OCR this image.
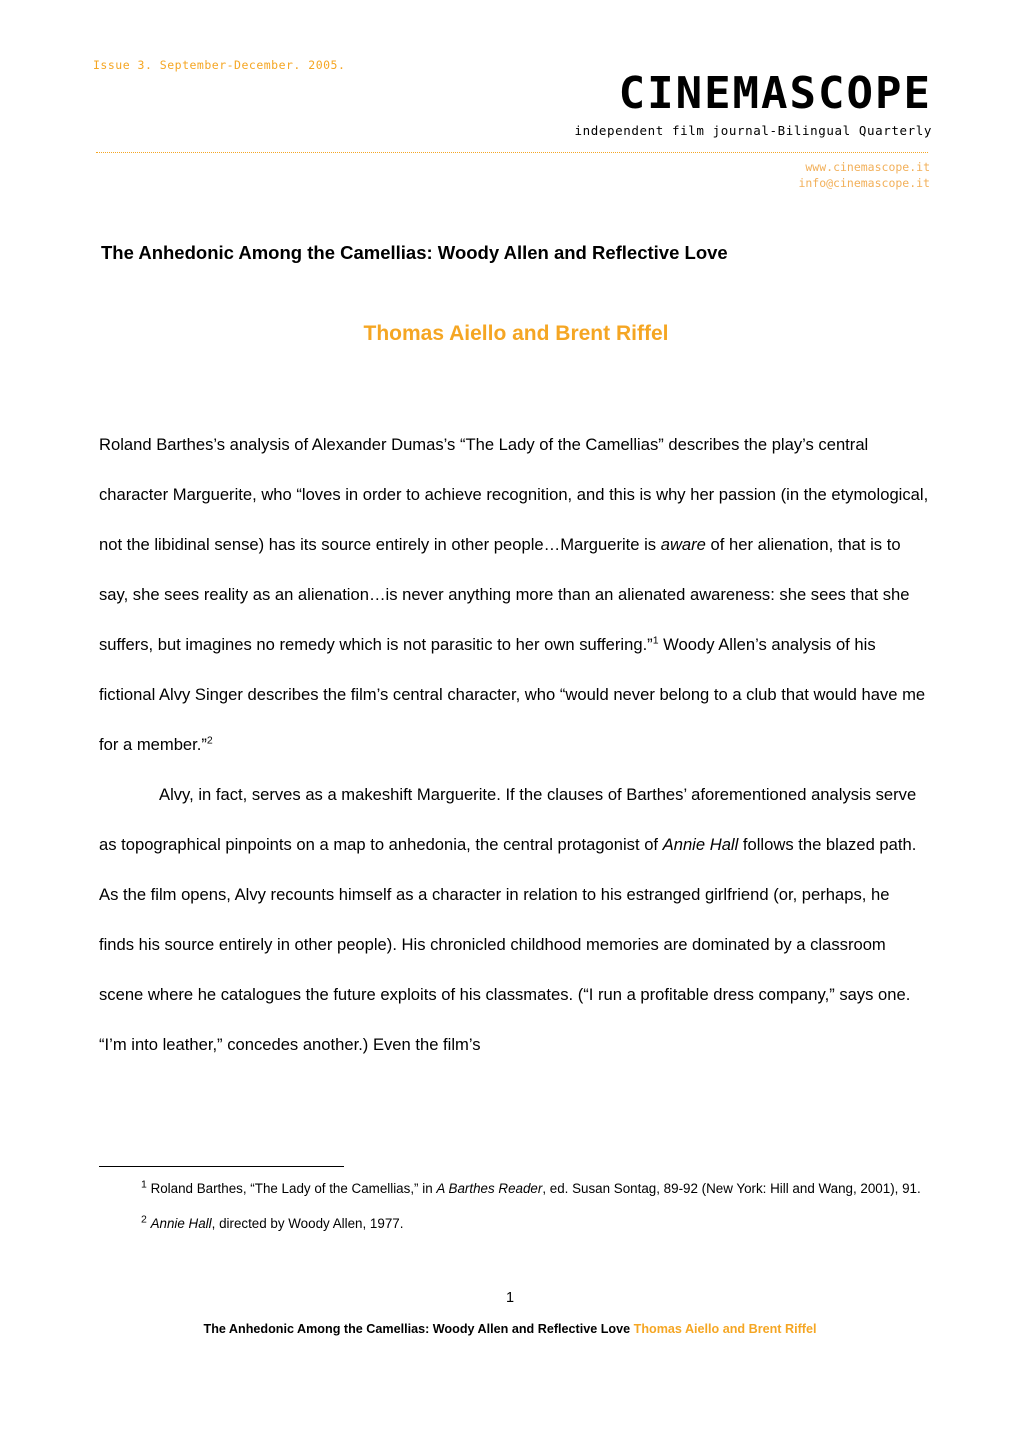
Issue 3. September-December. 2005.
CINEMASCOPE
independent film journal-Bilingual Quarterly
www.cinemascope.it
info@cinemascope.it
The Anhedonic Among the Camellias: Woody Allen and Reflective Love
Thomas Aiello and Brent Riffel

Roland Barthes’s analysis of Alexander Dumas’s “The Lady of the Camellias” describes the play’s central character Marguerite, who “loves in order to achieve recognition, and this is why her passion (in the etymological, not the libidinal sense) has its source entirely in other people…Marguerite is aware of her alienation, that is to say, she sees reality as an alienation…is never anything more than an alienated awareness: she sees that she suffers, but imagines no remedy which is not parasitic to her own suffering.”$^1$ Woody Allen’s analysis of his fictional Alvy Singer describes the film’s central character, who “would never belong to a club that would have me for a member.”$^2$

Alvy, in fact, serves as a makeshift Marguerite. If the clauses of Barthes’ aforementioned analysis serve as topographical pinpoints on a map to anhedonia, the central protagonist of Annie Hall follows the blazed path. As the film opens, Alvy recounts himself as a character in relation to his estranged girlfriend (or, perhaps, he finds his source entirely in other people). His chronicled childhood memories are dominated by a classroom scene where he catalogues the future exploits of his classmates. (“I run a profitable dress company,” says one. “I’m into leather,” concedes another.) Even the film’s

$^1$ Roland Barthes, “The Lady of the Camellias,” in A Barthes Reader, ed. Susan Sontag, 89-92 (New York: Hill and Wang, 2001), 91.

$^2$ Annie Hall, directed by Woody Allen, 1977.

1
The Anhedonic Among the Camellias: Woody Allen and Reflective Love Thomas Aiello and Brent Riffel
